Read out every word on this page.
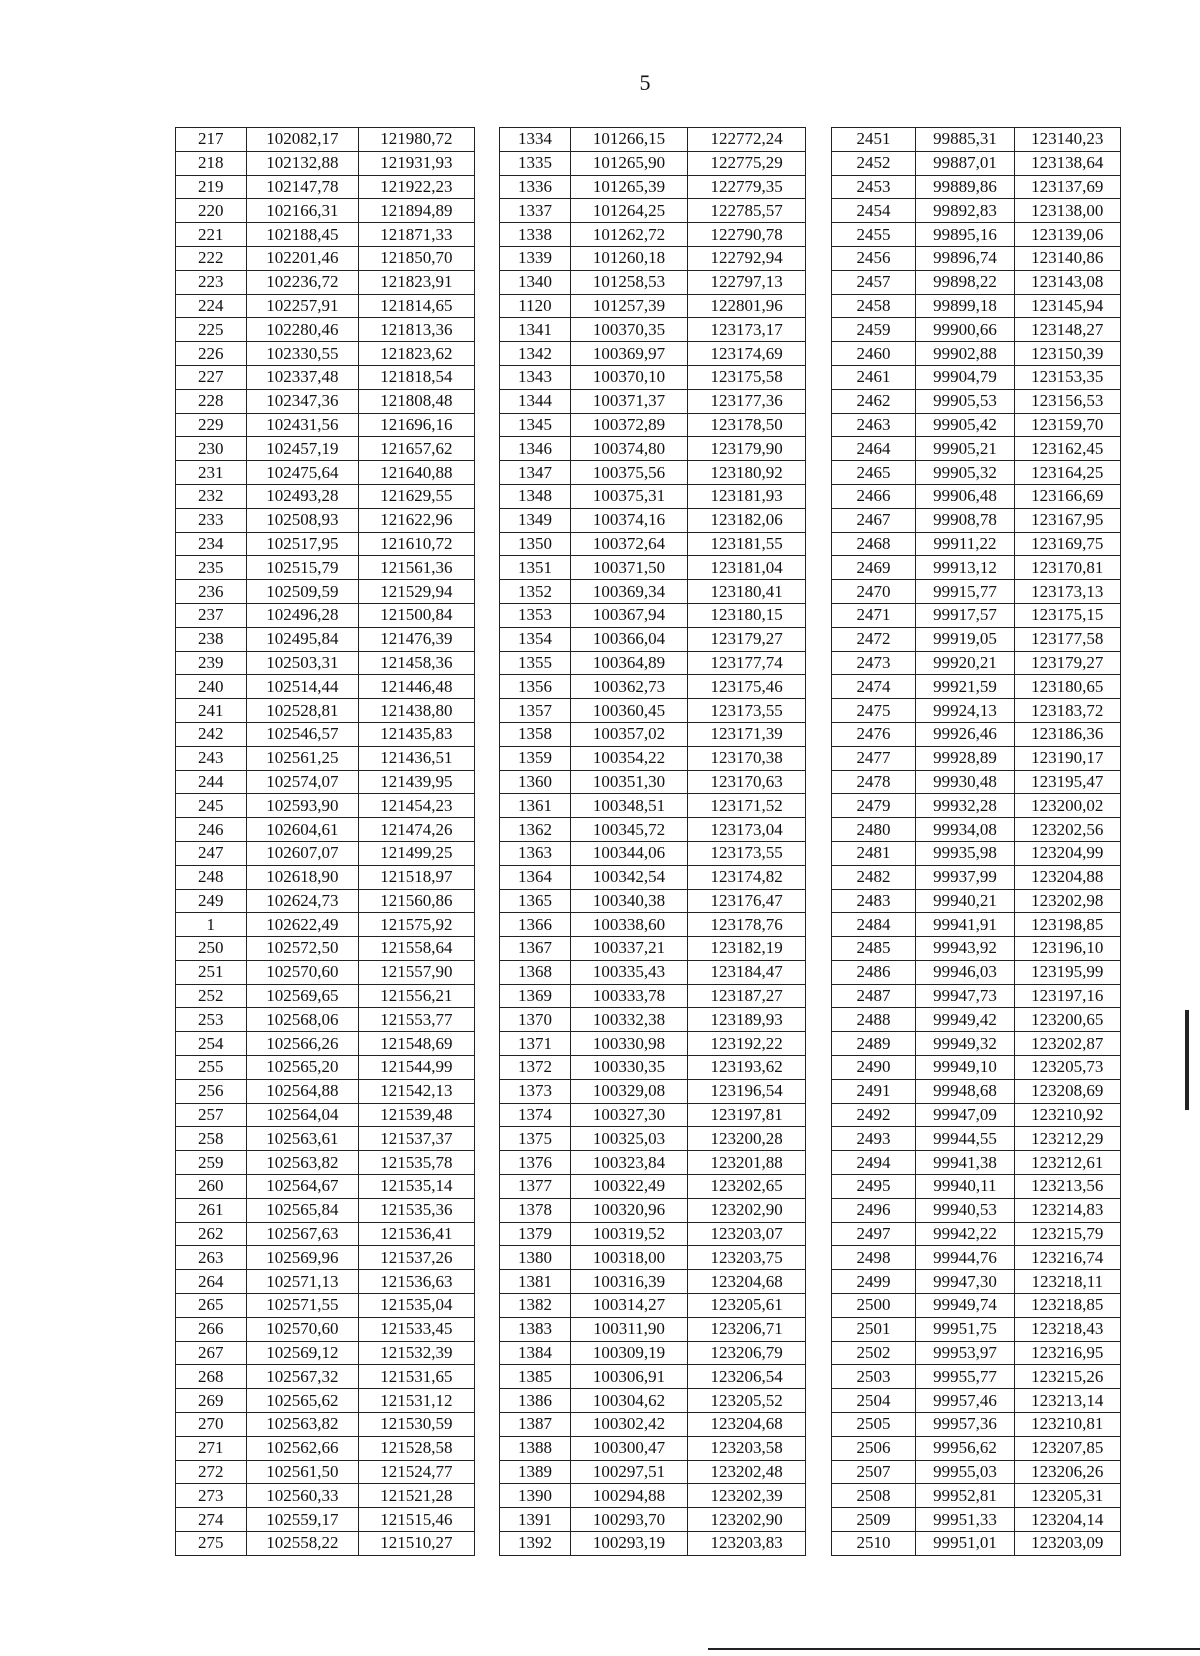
5
217	102082,17	121980,72		1334	101266,15	122772,24		2451	99885,31	123140,23
218	102132,88	121931,93		1335	101265,90	122775,29		2452	99887,01	123138,64
219	102147,78	121922,23		1336	101265,39	122779,35		2453	99889,86	123137,69
220	102166,31	121894,89		1337	101264,25	122785,57		2454	99892,83	123138,00
221	102188,45	121871,33		1338	101262,72	122790,78		2455	99895,16	123139,06
222	102201,46	121850,70		1339	101260,18	122792,94		2456	99896,74	123140,86
223	102236,72	121823,91		1340	101258,53	122797,13		2457	99898,22	123143,08
224	102257,91	121814,65		1120	101257,39	122801,96		2458	99899,18	123145,94
225	102280,46	121813,36		1341	100370,35	123173,17		2459	99900,66	123148,27
226	102330,55	121823,62		1342	100369,97	123174,69		2460	99902,88	123150,39
227	102337,48	121818,54		1343	100370,10	123175,58		2461	99904,79	123153,35
228	102347,36	121808,48		1344	100371,37	123177,36		2462	99905,53	123156,53
229	102431,56	121696,16		1345	100372,89	123178,50		2463	99905,42	123159,70
230	102457,19	121657,62		1346	100374,80	123179,90		2464	99905,21	123162,45
231	102475,64	121640,88		1347	100375,56	123180,92		2465	99905,32	123164,25
232	102493,28	121629,55		1348	100375,31	123181,93		2466	99906,48	123166,69
233	102508,93	121622,96		1349	100374,16	123182,06		2467	99908,78	123167,95
234	102517,95	121610,72		1350	100372,64	123181,55		2468	99911,22	123169,75
235	102515,79	121561,36		1351	100371,50	123181,04		2469	99913,12	123170,81
236	102509,59	121529,94		1352	100369,34	123180,41		2470	99915,77	123173,13
237	102496,28	121500,84		1353	100367,94	123180,15		2471	99917,57	123175,15
238	102495,84	121476,39		1354	100366,04	123179,27		2472	99919,05	123177,58
239	102503,31	121458,36		1355	100364,89	123177,74		2473	99920,21	123179,27
240	102514,44	121446,48		1356	100362,73	123175,46		2474	99921,59	123180,65
241	102528,81	121438,80		1357	100360,45	123173,55		2475	99924,13	123183,72
242	102546,57	121435,83		1358	100357,02	123171,39		2476	99926,46	123186,36
243	102561,25	121436,51		1359	100354,22	123170,38		2477	99928,89	123190,17
244	102574,07	121439,95		1360	100351,30	123170,63		2478	99930,48	123195,47
245	102593,90	121454,23		1361	100348,51	123171,52		2479	99932,28	123200,02
246	102604,61	121474,26		1362	100345,72	123173,04		2480	99934,08	123202,56
247	102607,07	121499,25		1363	100344,06	123173,55		2481	99935,98	123204,99
248	102618,90	121518,97		1364	100342,54	123174,82		2482	99937,99	123204,88
249	102624,73	121560,86		1365	100340,38	123176,47		2483	99940,21	123202,98
1	102622,49	121575,92		1366	100338,60	123178,76		2484	99941,91	123198,85
250	102572,50	121558,64		1367	100337,21	123182,19		2485	99943,92	123196,10
251	102570,60	121557,90		1368	100335,43	123184,47		2486	99946,03	123195,99
252	102569,65	121556,21		1369	100333,78	123187,27		2487	99947,73	123197,16
253	102568,06	121553,77		1370	100332,38	123189,93		2488	99949,42	123200,65
254	102566,26	121548,69		1371	100330,98	123192,22		2489	99949,32	123202,87
255	102565,20	121544,99		1372	100330,35	123193,62		2490	99949,10	123205,73
256	102564,88	121542,13		1373	100329,08	123196,54		2491	99948,68	123208,69
257	102564,04	121539,48		1374	100327,30	123197,81		2492	99947,09	123210,92
258	102563,61	121537,37		1375	100325,03	123200,28		2493	99944,55	123212,29
259	102563,82	121535,78		1376	100323,84	123201,88		2494	99941,38	123212,61
260	102564,67	121535,14		1377	100322,49	123202,65		2495	99940,11	123213,56
261	102565,84	121535,36		1378	100320,96	123202,90		2496	99940,53	123214,83
262	102567,63	121536,41		1379	100319,52	123203,07		2497	99942,22	123215,79
263	102569,96	121537,26		1380	100318,00	123203,75		2498	99944,76	123216,74
264	102571,13	121536,63		1381	100316,39	123204,68		2499	99947,30	123218,11
265	102571,55	121535,04		1382	100314,27	123205,61		2500	99949,74	123218,85
266	102570,60	121533,45		1383	100311,90	123206,71		2501	99951,75	123218,43
267	102569,12	121532,39		1384	100309,19	123206,79		2502	99953,97	123216,95
268	102567,32	121531,65		1385	100306,91	123206,54		2503	99955,77	123215,26
269	102565,62	121531,12		1386	100304,62	123205,52		2504	99957,46	123213,14
270	102563,82	121530,59		1387	100302,42	123204,68		2505	99957,36	123210,81
271	102562,66	121528,58		1388	100300,47	123203,58		2506	99956,62	123207,85
272	102561,50	121524,77		1389	100297,51	123202,48		2507	99955,03	123206,26
273	102560,33	121521,28		1390	100294,88	123202,39		2508	99952,81	123205,31
274	102559,17	121515,46		1391	100293,70	123202,90		2509	99951,33	123204,14
275	102558,22	121510,27		1392	100293,19	123203,83		2510	99951,01	123203,09
